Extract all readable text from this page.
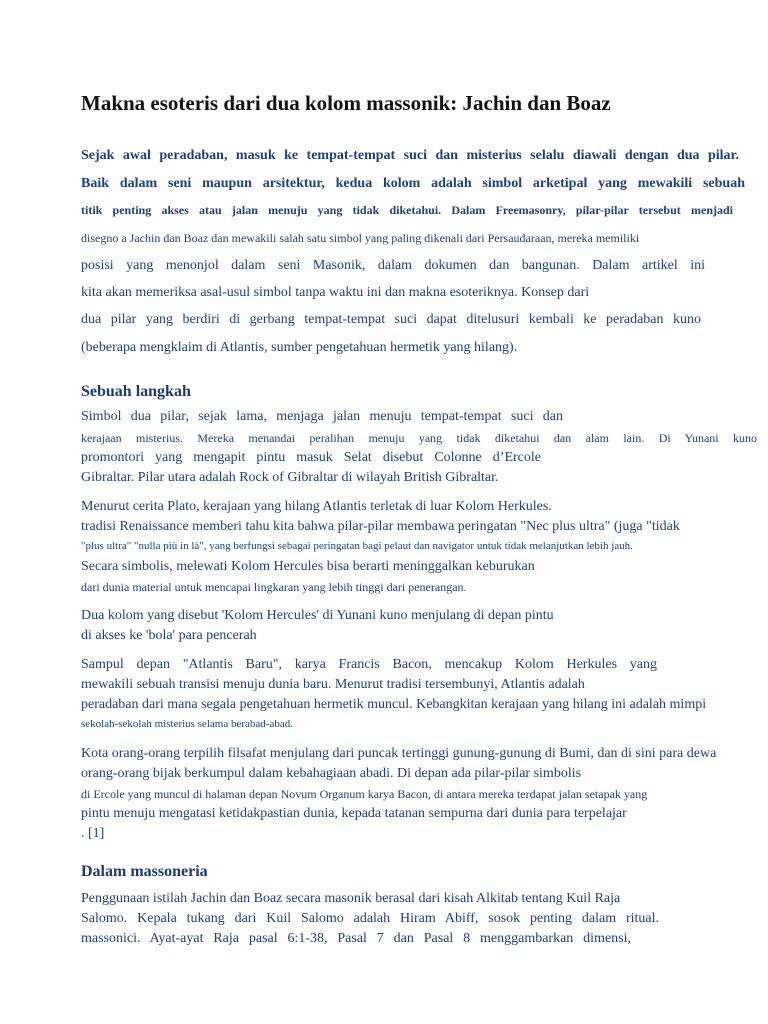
Makna esoteris dari dua kolom massonik: Jachin dan Boaz
Sejak awal peradaban, masuk ke tempat-tempat suci dan misterius selalu diawali dengan dua pilar.
Baik dalam seni maupun arsitektur, kedua kolom adalah simbol arketipal yang mewakili sebuah
titik penting akses atau jalan menuju yang tidak diketahui. Dalam Freemasonry, pilar-pilar tersebut menjadi
disegno a Jachin dan Boaz dan mewakili salah satu simbol yang paling dikenali dari Persaudaraan, mereka memiliki
posisi yang menonjol dalam seni Masonik, dalam dokumen dan bangunan. Dalam artikel ini
kita akan memeriksa asal-usul simbol tanpa waktu ini dan makna esoteriknya. Konsep dari
dua pilar yang berdiri di gerbang tempat-tempat suci dapat ditelusuri kembali ke peradaban kuno
(beberapa mengklaim di Atlantis, sumber pengetahuan hermetik yang hilang).
Sebuah langkah
Simbol dua pilar, sejak lama, menjaga jalan menuju tempat-tempat suci dan
kerajaan misterius. Mereka menandai peralihan menuju yang tidak diketahui dan alam lain. Di Yunani kuno
promontori yang mengapit pintu masuk Selat disebut Colonne d’Ercole
Gibraltar. Pilar utara adalah Rock of Gibraltar di wilayah British Gibraltar.
Menurut cerita Plato, kerajaan yang hilang Atlantis terletak di luar Kolom Herkules.
tradisi Renaissance memberi tahu kita bahwa pilar-pilar membawa peringatan "Nec plus ultra" (juga "tidak
"plus ultra" "nulla più in là", yang berfungsi sebagai peringatan bagi pelaut dan navigator untuk tidak melanjutkan lebih jauh.
Secara simbolis, melewati Kolom Hercules bisa berarti meninggalkan keburukan
dari dunia material untuk mencapai lingkaran yang lebih tinggi dari penerangan.
Dua kolom yang disebut 'Kolom Hercules' di Yunani kuno menjulang di depan pintu
di akses ke 'bola' para pencerah
Sampul depan "Atlantis Baru", karya Francis Bacon, mencakup Kolom Herkules yang
mewakili sebuah transisi menuju dunia baru. Menurut tradisi tersembunyi, Atlantis adalah
peradaban dari mana segala pengetahuan hermetik muncul. Kebangkitan kerajaan yang hilang ini adalah mimpi
sekolah-sekolah misterius selama berabad-abad.
Kota orang-orang terpilih filsafat menjulang dari puncak tertinggi gunung-gunung di Bumi, dan di sini para dewa
orang-orang bijak berkumpul dalam kebahagiaan abadi. Di depan ada pilar-pilar simbolis
di Ercole yang muncul di halaman depan Novum Organum karya Bacon, di antara mereka terdapat jalan setapak yang
pintu menuju mengatasi ketidakpastian dunia, kepada tatanan sempurna dari dunia para terpelajar
. [1]
Dalam massoneria
Penggunaan istilah Jachin dan Boaz secara masonik berasal dari kisah Alkitab tentang Kuil Raja
Salomo. Kepala tukang dari Kuil Salomo adalah Hiram Abiff, sosok penting dalam ritual.
massonici. Ayat-ayat Raja pasal 6:1-38, Pasal 7 dan Pasal 8 menggambarkan dimensi,
